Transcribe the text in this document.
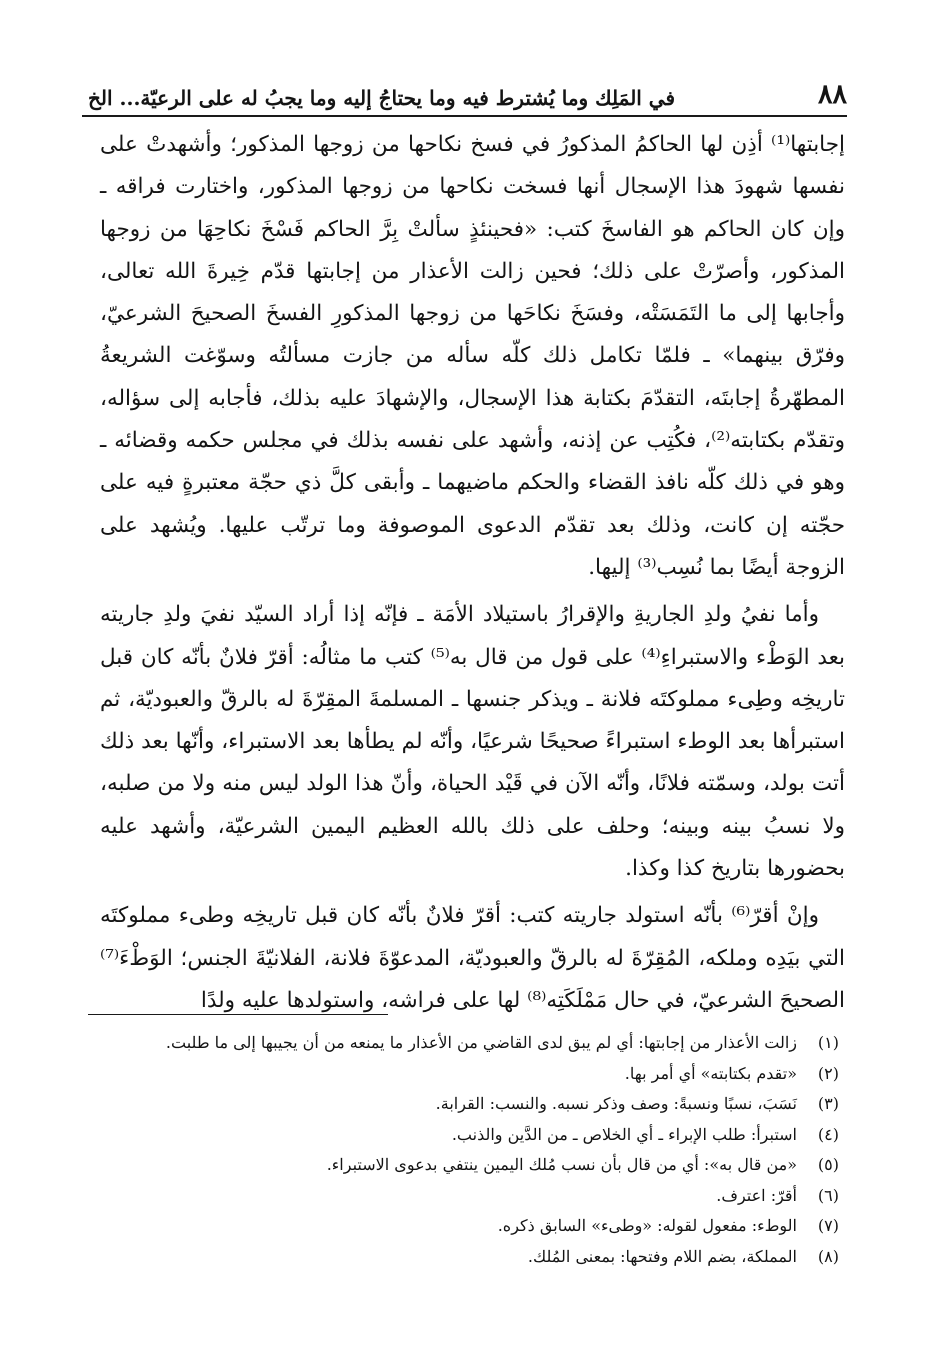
٨٨
في المَلِك وما يُشترط فيه وما يحتاجُ إليه وما يجبُ له على الرعيّة... الخ

إجابتها⁽¹⁾ أذِن لها الحاكمُ المذكورُ في فسخ نكاحها من زوجها المذكور؛ وأشهدتْ على نفسها شهودَ هذا الإسجال أنها فسخت نكاحها من زوجها المذكور، واختارت فراقه ـ وإن كان الحاكم هو الفاسخَ كتب: «فحينئذٍ سألتْ بِرَّ الحاكم فَسْخَ نكاحِهَا من زوجها المذكور، وأصرّتْ على ذلك؛ فحين زالت الأعذار من إجابتها قدّم خِيرةَ الله تعالى، وأجابها إلى ما التَمَسَتْه، وفسَخَ نكاحَها من زوجها المذكورِ الفسخَ الصحيحَ الشرعيّ، وفرّق بينهما» ـ فلمّا تكامل ذلك كلّه سأله من جازت مسألتُه وسوّغت الشريعةُ المطهّرةُ إجابتَه، التقدّمَ بكتابة هذا الإسجال، والإشهادَ عليه بذلك، فأجابه إلى سؤاله، وتقدّم بكتابته⁽²⁾، فكُتِب عن إذنه، وأشهد على نفسه بذلك في مجلس حكمه وقضائه ـ وهو في ذلك كلّه نافذ القضاء والحكم ماضيهما ـ وأبقى كلَّ ذي حجّة معتبرةٍ فيه على حجّته إن كانت، وذلك بعد تقدّم الدعوى الموصوفة وما ترتّب عليها. ويُشهد على الزوجة أيضًا بما نُسِب⁽³⁾ إليها.

وأما نفيُ ولدِ الجاريةِ والإقرارُ باستيلاد الأمَة ـ فإنّه إذا أراد السيّد نفيَ ولدِ جاريته بعد الوَطْء والاستبراءِ⁽⁴⁾ على قول من قال به⁽⁵⁾ كتب ما مثالُه: أقرّ فلانٌ بأنّه كان قبل تاريخِه وطِىء مملوكتَه فلانة ـ ويذكر جنسها ـ المسلمةَ المقِرّةَ له بالرقّ والعبوديّة، ثم استبرأها بعد الوطء استبراءً صحيحًا شرعيًا، وأنّه لم يطأها بعد الاستبراء، وأنّها بعد ذلك أتت بولد، وسمّته فلانًا، وأنّه الآن في قَيْد الحياة، وأنّ هذا الولد ليس منه ولا من صلبه، ولا نسبُ بينه وبينه؛ وحلف على ذلك بالله العظيم اليمين الشرعيّة، وأشهد عليه بحضورها بتاريخ كذا وكذا.

وإنْ أقرّ⁽⁶⁾ بأنّه استولد جاريته كتب: أقرّ فلانٌ بأنّه كان قبل تاريخِه وطىء مملوكتَه التي بيَدِه وملكه، المُقِرّةَ له بالرقّ والعبوديّة، المدعوّةَ فلانة، الفلانيّةَ الجنس؛ الوَطْءَ⁽⁷⁾ الصحيحَ الشرعيّ، في حال مَمْلَكَتِه⁽⁸⁾ لها على فراشه، واستولدها عليه ولدًا

(١)
زالت الأعذار من إجابتها: أي لم يبق لدى القاضي من الأعذار ما يمنعه من أن يجيبها إلى ما طلبت.
(٢)
«تقدم بكتابته» أي أمر بها.
(٣)
نَسَبَ، نسبًا ونسبةً: وصف وذكر نسبه. والنسب: القرابة.
(٤)
استبرأ: طلب الإبراء ـ أي الخلاص ـ من الدَّين والذنب.
(٥)
«من قال به»: أي من قال بأن نسب مُلك اليمين ينتفي بدعوى الاستبراء.
(٦)
أقرّ: اعترف.
(٧)
الوطء: مفعول لقوله: «وطىء» السابق ذكره.
(٨)
المملكة، بضم اللام وفتحها: بمعنى المُلك.
